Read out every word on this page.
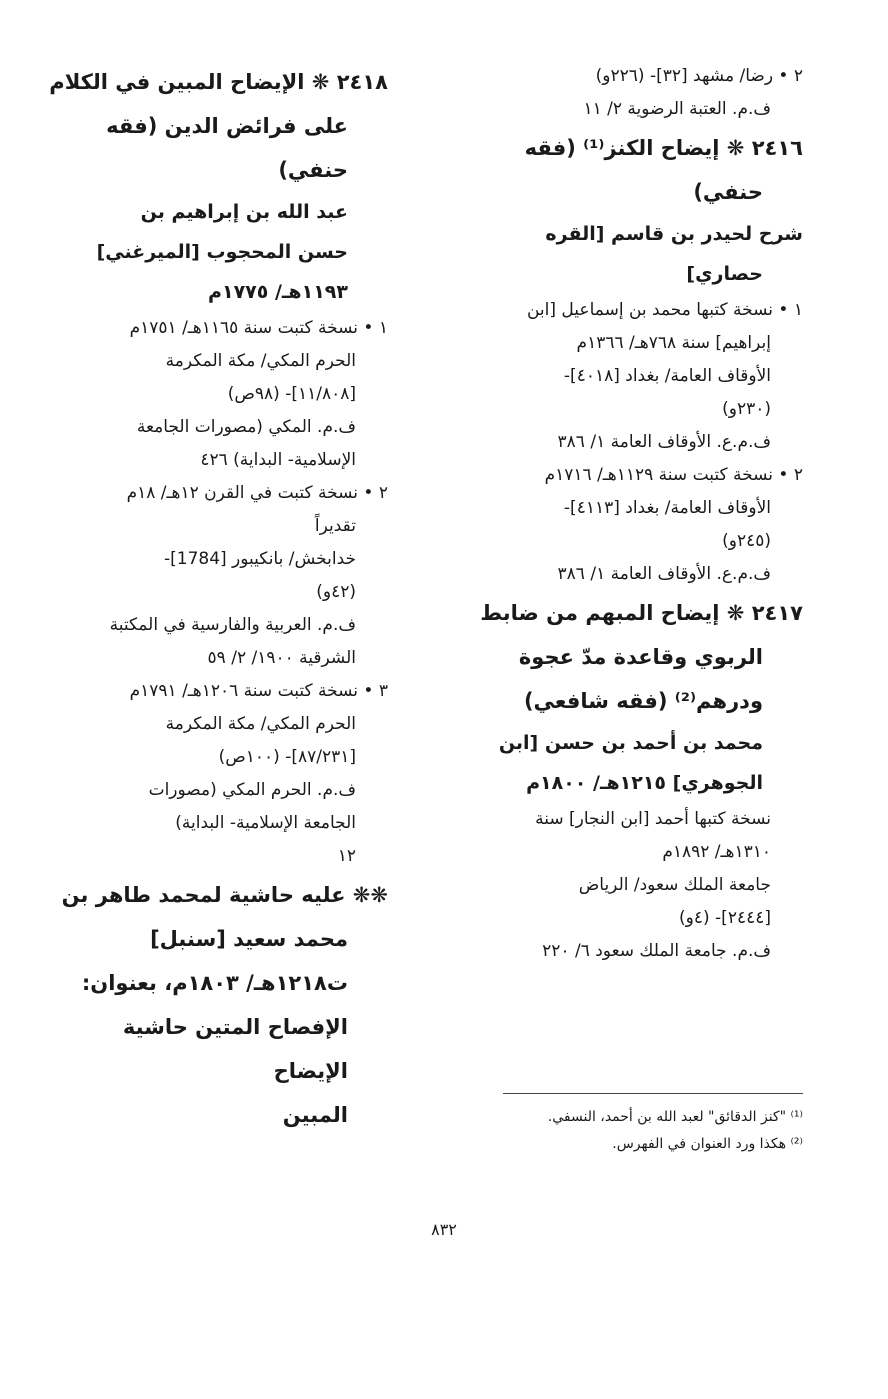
٢ • رضا/ مشهد [٣٢]- (٢٢٦و)

ف.م. العتبة الرضوية ٢/ ١١

٢٤١٦ ❋ إيضاح الكنز⁽¹⁾ (فقه

حنفي)

شرح لحيدر بن قاسم [القره

حصاري]

١ • نسخة كتبها محمد بن إسماعيل [ابن

إبراهيم] سنة ٧٦٨هـ/ ١٣٦٦م

الأوقاف العامة/ بغداد [٤٠١٨]-

(٢٣٠و)

ف.م.ع. الأوقاف العامة ١/ ٣٨٦

٢ • نسخة كتبت سنة ١١٢٩هـ/ ١٧١٦م

الأوقاف العامة/ بغداد [٤١١٣]-

(٢٤٥و)

ف.م.ع. الأوقاف العامة ١/ ٣٨٦

٢٤١٧ ❋ إيضاح المبهم من ضابط

الربوي وقاعدة مدّ عجوة

ودرهم⁽²⁾ (فقه شافعي)

محمد بن أحمد بن حسن [ابن

الجوهري] ١٢١٥هـ/ ١٨٠٠م

نسخة كتبها أحمد [ابن النجار] سنة

١٣١٠هـ/ ١٨٩٢م

جامعة الملك سعود/ الرياض

[٢٤٤٤]- (٤و)

ف.م. جامعة الملك سعود ٦/ ٢٢٠

٢٤١٨ ❋ الإيضاح المبين في الكلام

على فرائض الدين (فقه

حنفي)

عبد الله بن إبراهيم بن

حسن المحجوب [الميرغني]

١١٩٣هـ/ ١٧٧٥م

١ • نسخة كتبت سنة ١١٦٥هـ/ ١٧٥١م

الحرم المكي/ مكة المكرمة

[١١/٨٠٨]- (٩٨ص)

ف.م. المكي (مصورات الجامعة

الإسلامية- البداية) ٤٢٦

٢ • نسخة كتبت في القرن ١٢هـ/ ١٨م

تقديراً

خدابخش/ بانكيبور [1784]-

(٤٢و)

ف.م. العربية والفارسية في المكتبة

الشرقية ١٩٠٠/ ٢/ ٥٩

٣ • نسخة كتبت سنة ١٢٠٦هـ/ ١٧٩١م

الحرم المكي/ مكة المكرمة

[٨٧/٢٣١]- (١٠٠ص)

ف.م. الحرم المكي (مصورات

الجامعة الإسلامية- البداية)

١٢

❋❋ عليه حاشية لمحمد طاهر بن

محمد سعيد [سنبل]

ت١٢١٨هـ/ ١٨٠٣م، بعنوان:

الإفصاح المتين حاشية الإيضاح

المبين	⁽¹⁾ "كنز الدقائق" لعبد الله بن أحمد، النسفي.

⁽²⁾ هكذا ورد العنوان في الفهرس.

٨٣٢
